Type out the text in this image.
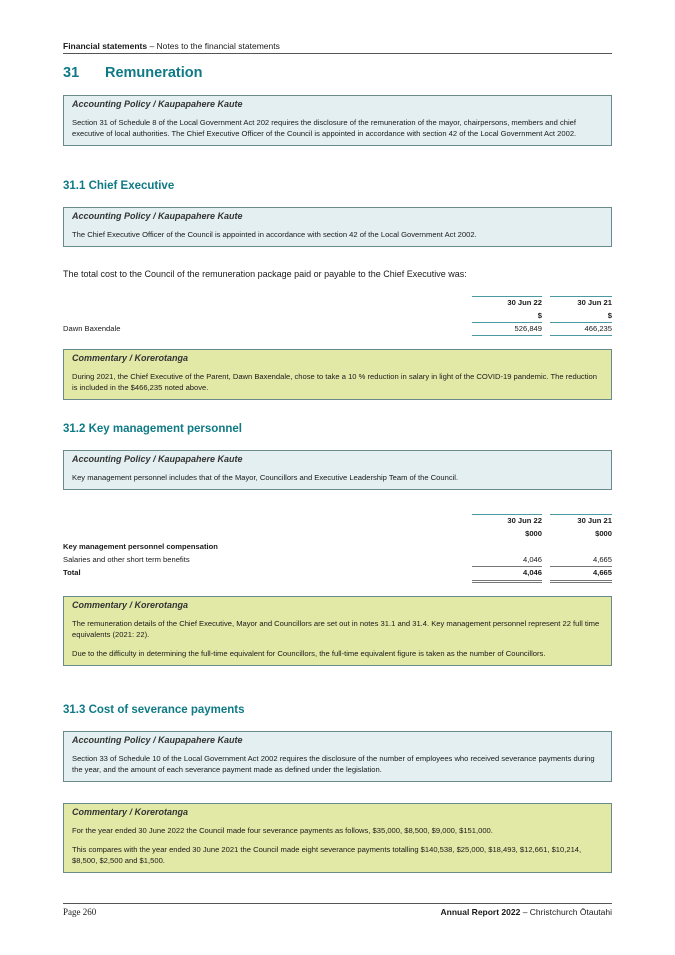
Financial statements – Notes to the financial statements
31 Remuneration
Accounting Policy / Kaupapahere Kaute

Section 31 of Schedule 8 of the Local Government Act 202 requires the disclosure of the remuneration of the mayor, chairpersons, members and chief executive of local authorities. The Chief Executive Officer of the Council is appointed in accordance with section 42 of the Local Government Act 2002.

31.1 Chief Executive
Accounting Policy / Kaupapahere Kaute

The Chief Executive Officer of the Council is appointed in accordance with section 42 of the Local Government Act 2002.

The total cost to the Council of the remuneration package paid or payable to the Chief Executive was:
30 Jun 22	30 Jun 21
$	$
Dawn Baxendale	526,849	466,235
Commentary / Korerotanga

During 2021, the Chief Executive of the Parent, Dawn Baxendale, chose to take a 10 % reduction in salary in light of the COVID-19 pandemic. The reduction is included in the $466,235 noted above.

31.2 Key management personnel
Accounting Policy / Kaupapahere Kaute

Key management personnel includes that of the Mayor, Councillors and Executive Leadership Team of the Council.

30 Jun 22	30 Jun 21
$000	$000
Key management personnel compensation
Salaries and other short term benefits	4,046	4,665
Total	4,046	4,665
Commentary / Korerotanga

The remuneration details of the Chief Executive, Mayor and Councillors are set out in notes 31.1 and 31.4. Key management personnel represent 22 full time equivalents (2021: 22).

Due to the difficulty in determining the full-time equivalent for Councillors, the full-time equivalent figure is taken as the number of Councillors.

31.3 Cost of severance payments
Accounting Policy / Kaupapahere Kaute

Section 33 of Schedule 10 of the Local Government Act 2002 requires the disclosure of the number of employees who received severance payments during the year, and the amount of each severance payment made as defined under the legislation.

Commentary / Korerotanga

For the year ended 30 June 2022 the Council made four severance payments as follows, $35,000, $8,500, $9,000, $151,000.

This compares with the year ended 30 June 2021 the Council made eight severance payments totalling $140,538, $25,000, $18,493, $12,661, $10,214, $8,500, $2,500 and $1,500.

Page 260	Annual Report 2022 – Christchurch Ōtautahi
